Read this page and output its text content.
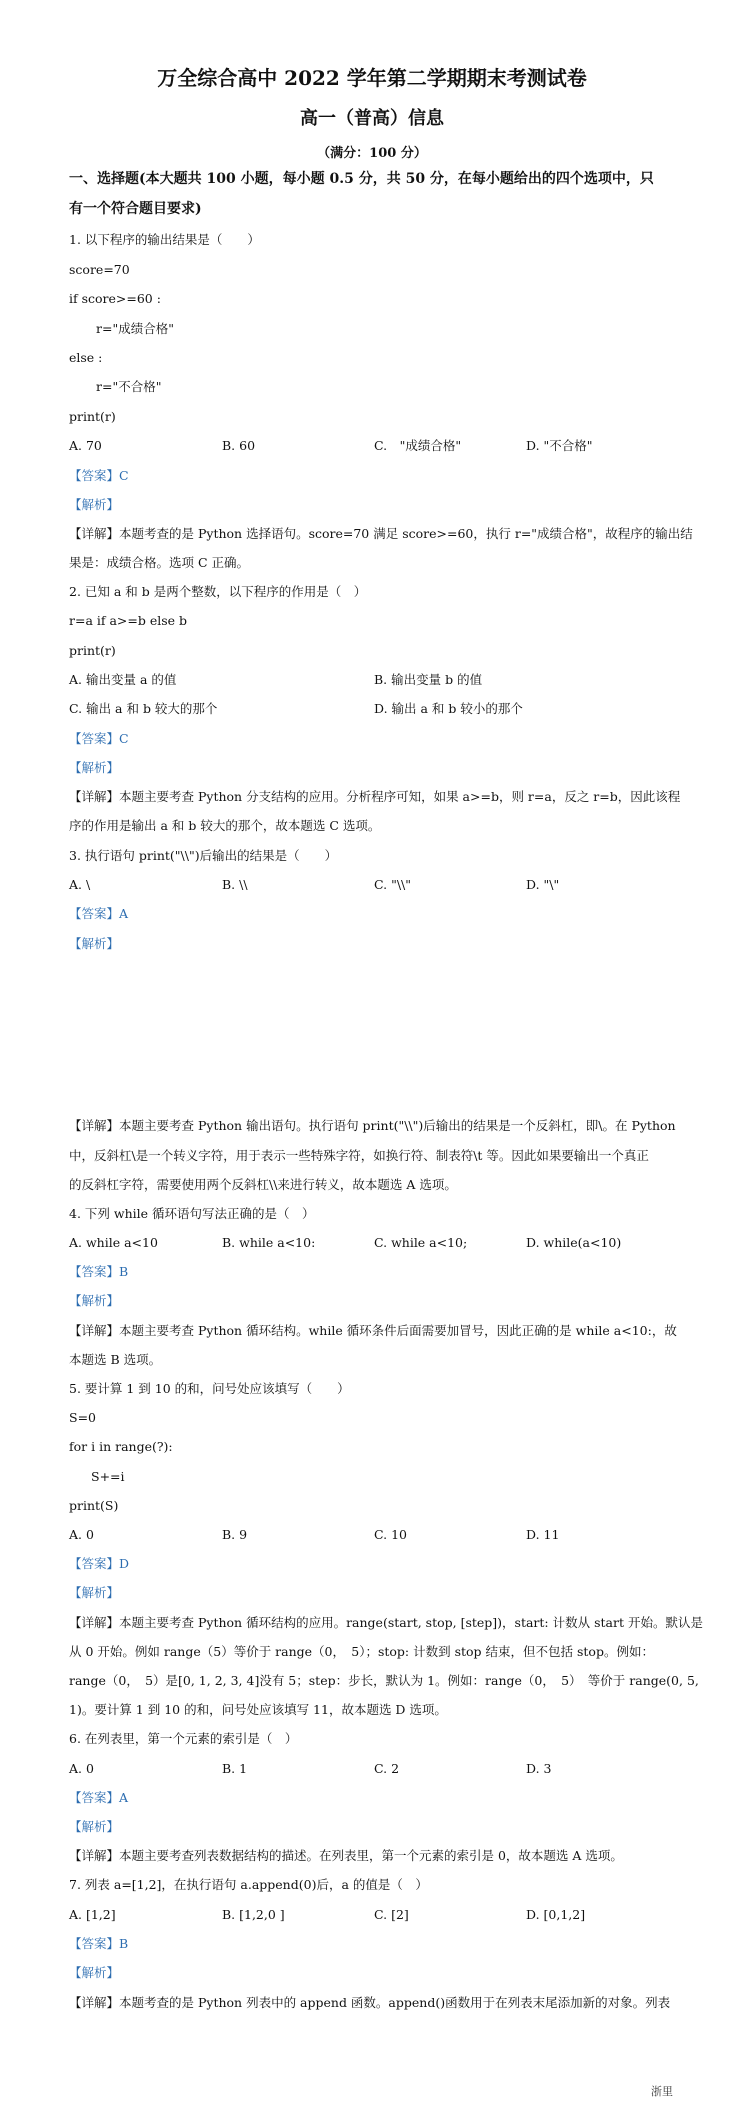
万全综合高中 2022 学年第二学期期末考测试卷
高一（普高）信息
（满分：100 分）
一、选择题(本大题共 100 小题，每小题 0.5 分，共 50 分，在每小题给出的四个选项中，只
有一个符合题目要求)
1. 以下程序的输出结果是（　　）
score=70
if score>=60 :
r="成绩合格"
else :
r="不合格"
print(r)
A. 70	B. 60	C.　"成绩合格"	D. "不合格"
【答案】C
【解析】
【详解】本题考查的是 Python 选择语句。score=70 满足 score>=60，执行 r="成绩合格"，故程序的输出结
果是：成绩合格。选项 C 正确。
2. 已知 a 和 b 是两个整数，以下程序的作用是（　）
r=a if a>=b else b
print(r)
A. 输出变量 a 的值	B. 输出变量 b 的值
C. 输出 a 和 b 较大的那个	D. 输出 a 和 b 较小的那个
【答案】C
【解析】
【详解】本题主要考查 Python 分支结构的应用。分析程序可知，如果 a>=b，则 r=a，反之 r=b，因此该程
序的作用是输出 a 和 b 较大的那个，故本题选 C 选项。
3. 执行语句 print("\\")后输出的结果是（　　）
A. \	B. \\	C. "\\"	D. "\"
【答案】A
【解析】
【详解】本题主要考查 Python 输出语句。执行语句 print("\\")后输出的结果是一个反斜杠，即\。在 Python
中，反斜杠\是一个转义字符，用于表示一些特殊字符，如换行符、制表符\t 等。因此如果要输出一个真正
的反斜杠字符，需要使用两个反斜杠\\来进行转义，故本题选 A 选项。
4. 下列 while 循环语句写法正确的是（　）
A. while a<10	B. while a<10:	C. while a<10;	D. while(a<10)
【答案】B
【解析】
【详解】本题主要考查 Python 循环结构。while 循环条件后面需要加冒号，因此正确的是 while a<10:，故
本题选 B 选项。
5. 要计算 1 到 10 的和，问号处应该填写（　　）
S=0
for i in range(?):
S+=i
print(S)
A. 0	B. 9	C. 10	D. 11
【答案】D
【解析】
【详解】本题主要考查 Python 循环结构的应用。range(start, stop, [step])，start: 计数从 start 开始。默认是
从 0 开始。例如 range（5）等价于 range（0，　5）；stop: 计数到 stop 结束，但不包括 stop。例如：
range（0，　5）是[0, 1, 2, 3, 4]没有 5；step：步长，默认为 1。例如：range（0，　5）　等价于 range(0, 5,
1)。要计算 1 到 10 的和，问号处应该填写 11，故本题选 D 选项。
6. 在列表里，第一个元素的索引是（　）
A. 0	B. 1	C. 2	D. 3
【答案】A
【解析】
【详解】本题主要考查列表数据结构的描述。在列表里，第一个元素的索引是 0，故本题选 A 选项。
7. 列表 a=[1,2]，在执行语句 a.append(0)后，a 的值是（　）
A. [1,2]	B. [1,2,0 ]	C. [2]	D. [0,1,2]
【答案】B
【解析】
【详解】本题考查的是 Python 列表中的 append 函数。append()函数用于在列表末尾添加新的对象。列表
浙里
